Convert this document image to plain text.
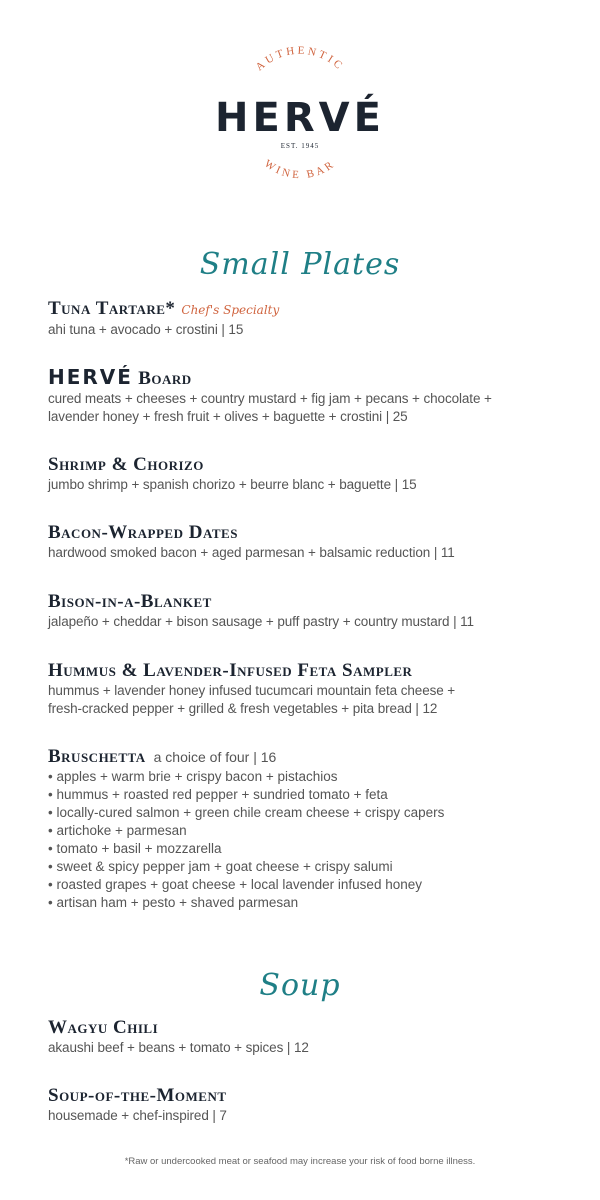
AUTHENTIC
HERVÉ
EST. 1945
WINE BAR
Small Plates
Tuna Tartare* Chef's Specialty
ahi tuna + avocado + crostini | 15
HERVÉ Board
cured meats + cheeses + country mustard + fig jam + pecans + chocolate +
lavender honey + fresh fruit + olives + baguette + crostini | 25
Shrimp & Chorizo
jumbo shrimp + spanish chorizo + beurre blanc + baguette | 15
Bacon-Wrapped Dates
hardwood smoked bacon + aged parmesan + balsamic reduction | 11
Bison-in-a-Blanket
jalapeño + cheddar + bison sausage + puff pastry + country mustard | 11
Hummus & Lavender-Infused Feta Sampler
hummus + lavender honey infused tucumcari mountain feta cheese +
fresh-cracked pepper + grilled & fresh vegetables + pita bread | 12
Bruschetta a choice of four | 16
• apples + warm brie + crispy bacon + pistachios
• hummus + roasted red pepper + sundried tomato + feta
• locally-cured salmon + green chile cream cheese + crispy capers
• artichoke + parmesan
• tomato + basil + mozzarella
• sweet & spicy pepper jam + goat cheese + crispy salumi
• roasted grapes + goat cheese + local lavender infused honey
• artisan ham + pesto + shaved parmesan
Soup
Wagyu Chili
akaushi beef + beans + tomato + spices | 12
Soup-of-the-Moment
housemade + chef-inspired | 7
*Raw or undercooked meat or seafood may increase your risk of food borne illness.
